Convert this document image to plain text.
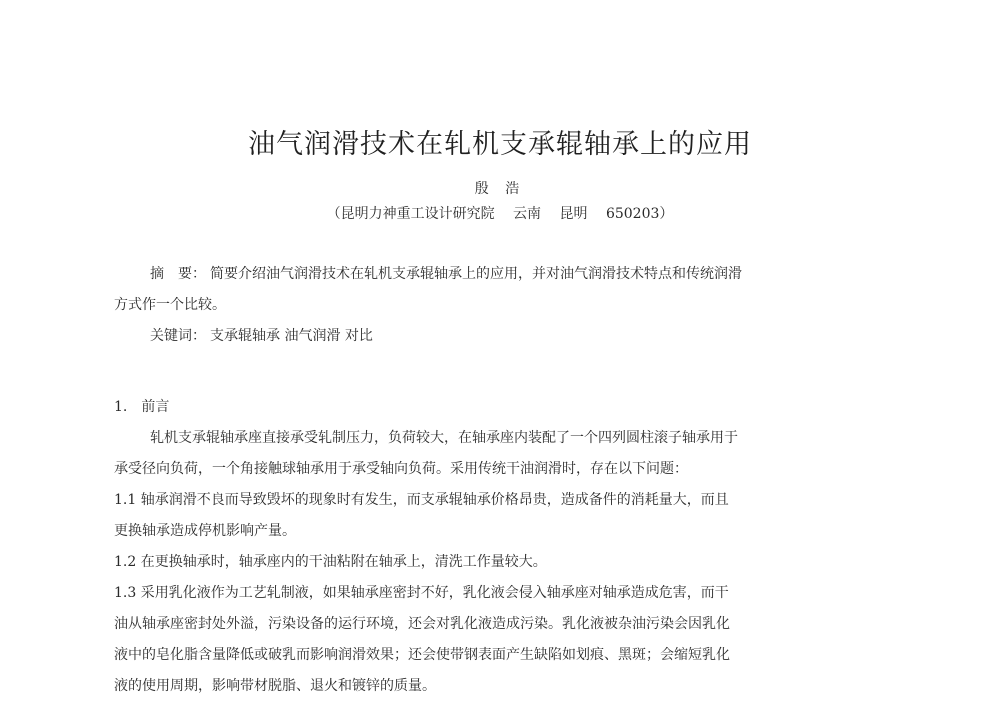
油气润滑技术在轧机支承辊轴承上的应用
殷 浩
（昆明力神重工设计研究院　 云南　 昆明　 650203）
摘　要： 简要介绍油气润滑技术在轧机支承辊轴承上的应用，并对油气润滑技术特点和传统润滑
方式作一个比较。
关键词： 支承辊轴承 油气润滑 对比
1.　前言
轧机支承辊轴承座直接承受轧制压力，负荷较大，在轴承座内装配了一个四列圆柱滚子轴承用于
承受径向负荷，一个角接触球轴承用于承受轴向负荷。采用传统干油润滑时，存在以下问题：
1.1 轴承润滑不良而导致毁坏的现象时有发生，而支承辊轴承价格昂贵，造成备件的消耗量大，而且
更换轴承造成停机影响产量。
1.2 在更换轴承时，轴承座内的干油粘附在轴承上，清洗工作量较大。
1.3 采用乳化液作为工艺轧制液，如果轴承座密封不好，乳化液会侵入轴承座对轴承造成危害，而干
油从轴承座密封处外溢，污染设备的运行环境，还会对乳化液造成污染。乳化液被杂油污染会因乳化
液中的皂化脂含量降低或破乳而影响润滑效果；还会使带钢表面产生缺陷如划痕、黑斑；会缩短乳化
液的使用周期，影响带材脱脂、退火和镀锌的质量。
